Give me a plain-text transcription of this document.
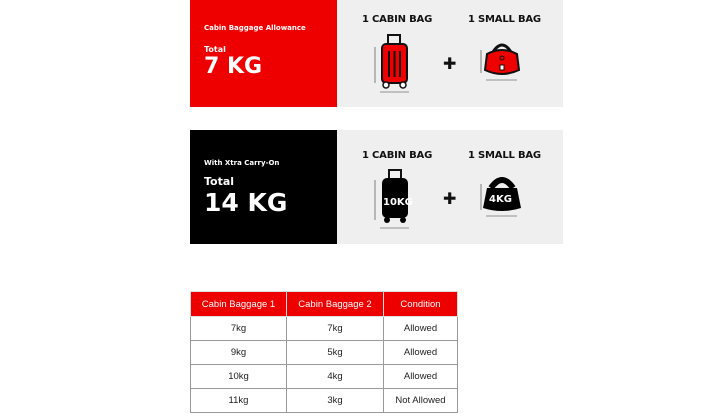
Cabin Baggage Allowance
Total
7 KG
1 CABIN BAG	1 SMALL BAG
✚
With Xtra Carry-On
Total
14 KG
1 CABIN BAG	1 SMALL BAG
10KG ✚	4KG
Cabin Baggage 1	Cabin Baggage 2	Condition
7kg	7kg	Allowed
9kg	5kg	Allowed
10kg	4kg	Allowed
11kg	3kg	Not Allowed
